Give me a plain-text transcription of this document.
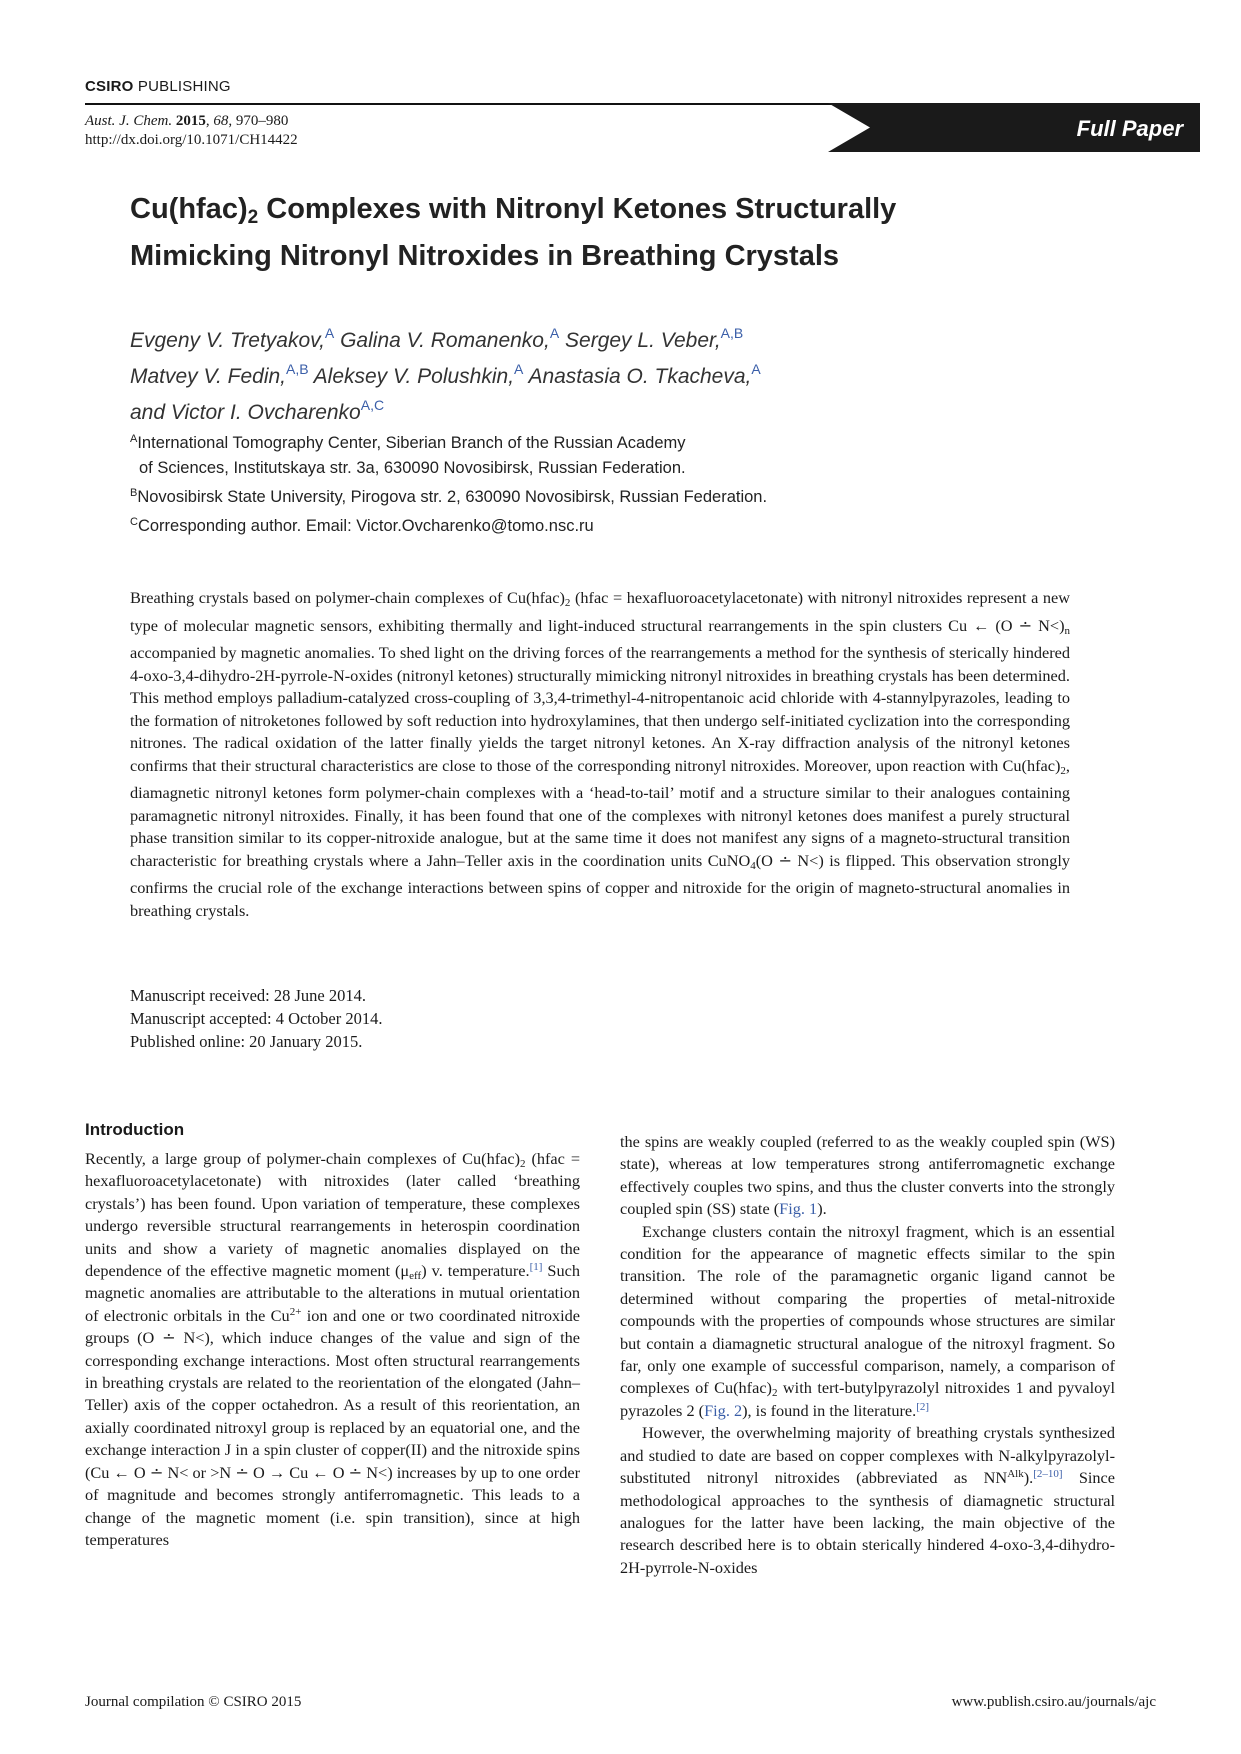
CSIRO PUBLISHING
Aust. J. Chem. 2015, 68, 970–980
http://dx.doi.org/10.1071/CH14422	Full Paper
$Cu(hfac)_2$ Complexes with Nitronyl Ketones Structurally
Mimicking Nitronyl Nitroxides in Breathing Crystals
Evgeny V. Tretyakov,$^A$ Galina V. Romanenko,$^A$ Sergey L. Veber,$^{A,B}$
Matvey V. Fedin,$^{A,B}$ Aleksey V. Polushkin,$^A$ Anastasia O. Tkacheva,$^A$
and Victor I. Ovcharenko$^{A,C}$
$^A$International Tomography Center, Siberian Branch of the Russian Academy
of Sciences, Institutskaya str. 3a, 630090 Novosibirsk, Russian Federation.
$^B$Novosibirsk State University, Pirogova str. 2, 630090 Novosibirsk, Russian Federation.
$^C$Corresponding author. Email: Victor.Ovcharenko@tomo.nsc.ru
Breathing crystals based on polymer-chain complexes of $Cu(hfac)_2$ (hfac = hexafluoroacetylacetonate) with nitronyl nitroxides represent a new type of molecular magnetic sensors, exhibiting thermally and light-induced structural rearrangements in the spin clusters Cu ← (O ∸ $N<)_n$ accompanied by magnetic anomalies. To shed light on the driving forces of the rearrangements a method for the synthesis of sterically hindered 4-oxo-3,4-dihydro-2H-pyrrole-N-oxides (nitronyl ketones) structurally mimicking nitronyl nitroxides in breathing crystals has been determined. This method employs palladium-catalyzed cross-coupling of 3,3,4-trimethyl-4-nitropentanoic acid chloride with 4-stannylpyrazoles, leading to the formation of nitroketones followed by soft reduction into hydroxylamines, that then undergo self-initiated cyclization into the corresponding nitrones. The radical oxidation of the latter finally yields the target nitronyl ketones. An X-ray diffraction analysis of the nitronyl ketones confirms that their structural characteristics are close to those of the corresponding nitronyl nitroxides. Moreover, upon reaction with $Cu(hfac)_2$, diamagnetic nitronyl ketones form polymer-chain complexes with a ‘head-to-tail’ motif and a structure similar to their analogues containing paramagnetic nitronyl nitroxides. Finally, it has been found that one of the complexes with nitronyl ketones does manifest a purely structural phase transition similar to its copper-nitroxide analogue, but at the same time it does not manifest any signs of a magneto-structural transition characteristic for breathing crystals where a Jahn–Teller axis in the coordination units CuNO$_4$(O ∸ N<) is flipped. This observation strongly confirms the crucial role of the exchange interactions between spins of copper and nitroxide for the origin of magneto-structural anomalies in breathing crystals.
Manuscript received: 28 June 2014.
Manuscript accepted: 4 October 2014.
Published online: 20 January 2015.
Introduction

Recently, a large group of polymer-chain complexes of $Cu(hfac)_2$ (hfac = hexafluoroacetylacetonate) with nitroxides (later called ‘breathing crystals’) has been found. Upon variation of temperature, these complexes undergo reversible structural rearrangements in heterospin coordination units and show a variety of magnetic anomalies displayed on the dependence of the effective magnetic moment $(\mu_{eff})$ v. temperature.[1] Such magnetic anomalies are attributable to the alterations in mutual orientation of electronic orbitals in the $Cu^{2+}$ ion and one or two coordinated nitroxide groups (O ∸ N<), which induce changes of the value and sign of the corresponding exchange interactions. Most often structural rearrangements in breathing crystals are related to the reorientation of the elongated (Jahn–Teller) axis of the copper octahedron. As a result of this reorientation, an axially coordinated nitroxyl group is replaced by an equatorial one, and the exchange interaction J in a spin cluster of copper(II) and the nitroxide spins (Cu ← O ∸ N< or >N ∸ O → Cu ← O ∸ N<) increases by up to one order of magnitude and becomes strongly antiferromagnetic. This leads to a change of the magnetic moment (i.e. spin transition), since at high temperatures

the spins are weakly coupled (referred to as the weakly coupled spin (WS) state), whereas at low temperatures strong antiferromagnetic exchange effectively couples two spins, and thus the cluster converts into the strongly coupled spin (SS) state (Fig. 1).

Exchange clusters contain the nitroxyl fragment, which is an essential condition for the appearance of magnetic effects similar to the spin transition. The role of the paramagnetic organic ligand cannot be determined without comparing the properties of metal-nitroxide compounds with the properties of compounds whose structures are similar but contain a diamagnetic structural analogue of the nitroxyl fragment. So far, only one example of successful comparison, namely, a comparison of complexes of $Cu(hfac)_2$ with tert-butylpyrazolyl nitroxides 1 and pyvaloyl pyrazoles 2 (Fig. 2), is found in the literature.[2]

However, the overwhelming majority of breathing crystals synthesized and studied to date are based on copper complexes with N-alkylpyrazolyl-substituted nitronyl nitroxides (abbreviated as $NN^{Alk}).[2-10]$ Since methodological approaches to the synthesis of diamagnetic structural analogues for the latter have been lacking, the main objective of the research described here is to obtain sterically hindered 4-oxo-3,4-dihydro-2H-pyrrole-N-oxides

Journal compilation © CSIRO 2015	www.publish.csiro.au/journals/ajc
